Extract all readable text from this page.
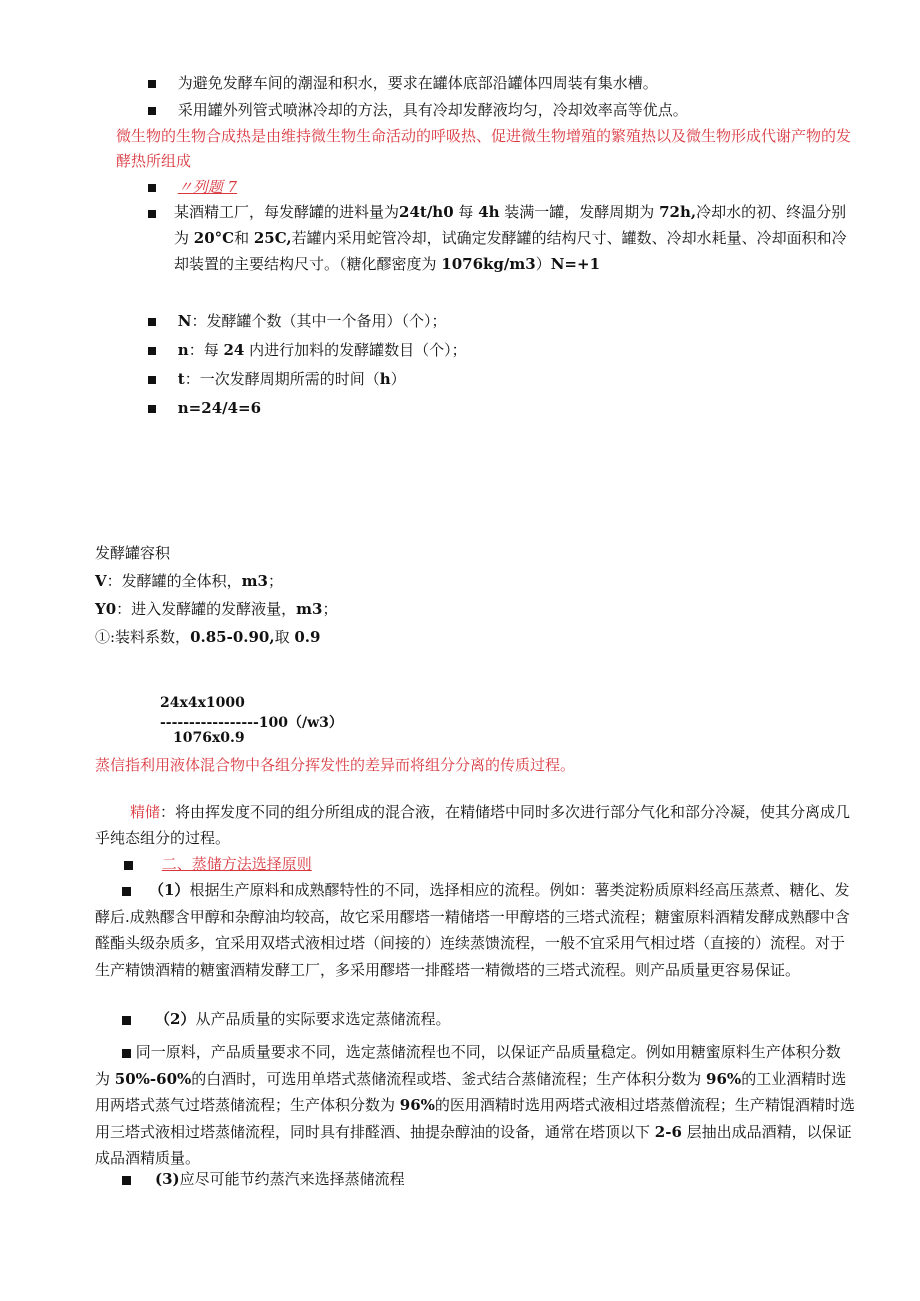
为避免发酵车间的潮湿和积水，要求在罐体底部沿罐体四周装有集水槽。
采用罐外列管式喷淋冷却的方法，具有冷却发酵液均匀，冷却效率高等优点。
微生物的生物合成热是由维持微生物生命活动的呼吸热、促进微生物增殖的繁殖热以及微生物形成代谢产物的发酵热所组成
〃列题 7
某酒精工厂，每发酵罐的进料量为24t/h0 每 4h 装满一罐，发酵周期为 72h,冷却水的初、终温分别为 20°C和 25C,若罐内采用蛇管冷却，试确定发酵罐的结构尺寸、罐数、冷却水耗量、冷却面积和冷却装置的主要结构尺寸。（糖化醪密度为 1076kg/m3）N=+1
N：发酵罐个数（其中一个备用）（个）；
n：每 24 内进行加料的发酵罐数目（个）；
t：一次发酵周期所需的时间（h）
n=24/4=6
发酵罐容积
V：发酵罐的全体积，m3；
Y0：进入发酵罐的发酵液量，m3；
①:装料系数，0.85-0.90,取 0.9
24x4x1000
-----------------100（/w3）
1076x0.9
蒸信指利用液体混合物中各组分挥发性的差异而将组分分离的传质过程。
精储：将由挥发度不同的组分所组成的混合液，在精储塔中同时多次进行部分气化和部分冷凝，使其分离成几乎纯态组分的过程。
二、蒸储方法选择原则
（1）根据生产原料和成熟醪特性的不同，选择相应的流程。例如：薯类淀粉质原料经高压蒸煮、糖化、发酵后.成熟醪含甲醇和杂醇油均较高，故它采用醪塔一精储塔一甲醇塔的三塔式流程；糖蜜原料酒精发酵成熟醪中含醛酯头级杂质多，宜采用双塔式液相过塔（间接的）连续蒸馈流程，一般不宜采用气相过塔（直接的）流程。对于生产精馈酒精的糖蜜酒精发酵工厂，多采用醪塔一排醛塔一精微塔的三塔式流程。则产品质量更容易保证。
（2）从产品质量的实际要求选定蒸储流程。
同一原料，产品质量要求不同，选定蒸储流程也不同，以保证产品质量稳定。例如用糖蜜原料生产体积分数为 50%-60%的白酒时，可选用单塔式蒸储流程或塔、釜式结合蒸储流程；生产体积分数为 96%的工业酒精时选用两塔式蒸气过塔蒸储流程；生产体积分数为 96%的医用酒精时选用两塔式液相过塔蒸僧流程；生产精馄酒精时选用三塔式液相过塔蒸储流程，同时具有排醛酒、抽提杂醇油的设备，通常在塔顶以下 2-6 层抽出成品酒精，以保证成品酒精质量。
(3)应尽可能节约蒸汽来选择蒸储流程
